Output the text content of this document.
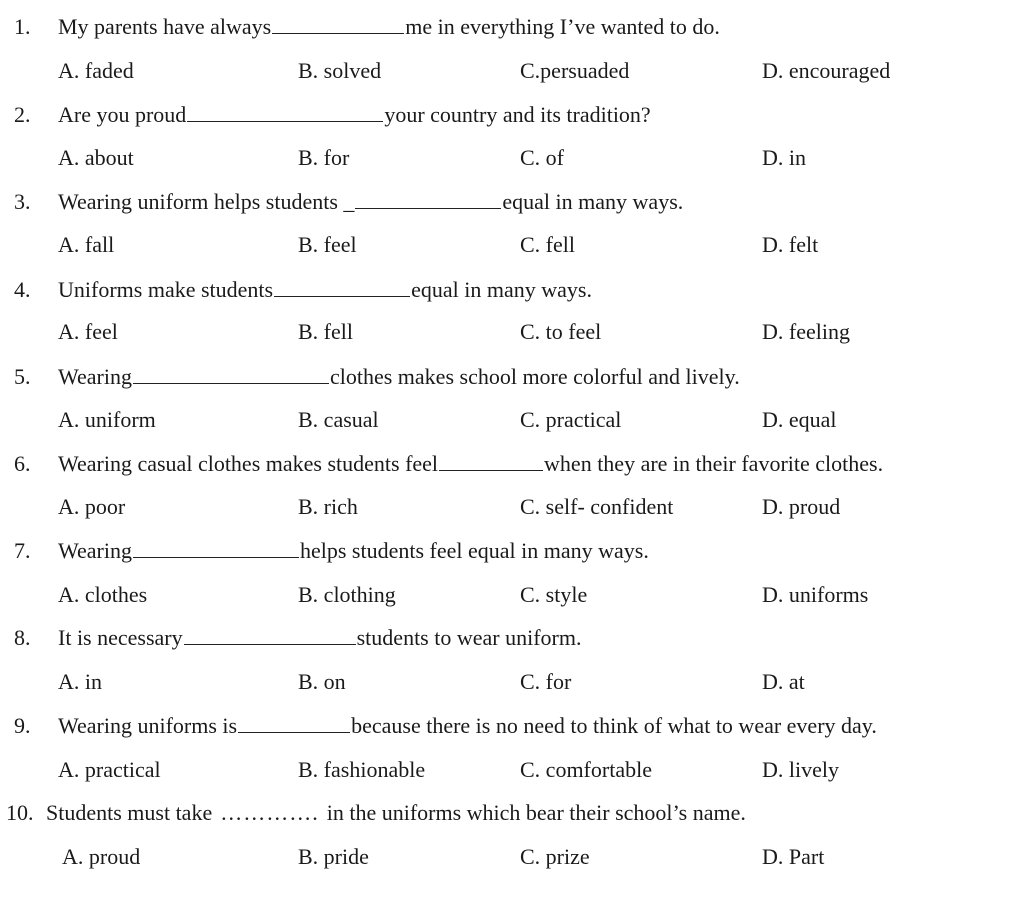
1.	My parents have always	me in everything I’ve wanted to do.
A. faded	B. solved	C.persuaded	D. encouraged
2.	Are you proud	your country and its tradition?
A. about	B. for	C. of	D. in
3.	Wearing uniform helps students _	equal in many ways.
A. fall	B. feel	C. fell	D. felt
4.	Uniforms make students	equal in many ways.
A. feel	B. fell	C. to feel	D. feeling
5.	Wearing	clothes makes school more colorful and lively.
A. uniform	B. casual	C. practical	D. equal
6.	Wearing casual clothes makes students feel	when they are in their favorite clothes.
A. poor	B. rich	C. self- confident	D. proud
7.	Wearing	helps students feel equal in many ways.
A. clothes	B. clothing	C. style	D. uniforms
8.	It is necessary	students to wear uniform.
A. in	B. on	C. for	D. at
9.	Wearing uniforms is	because there is no need to think of what to wear every day.
A. practical	B. fashionable	C. comfortable	D. lively
10. Students must take …………. in the uniforms which bear their school’s name.
A. proud	B. pride	C. prize	D. Part
